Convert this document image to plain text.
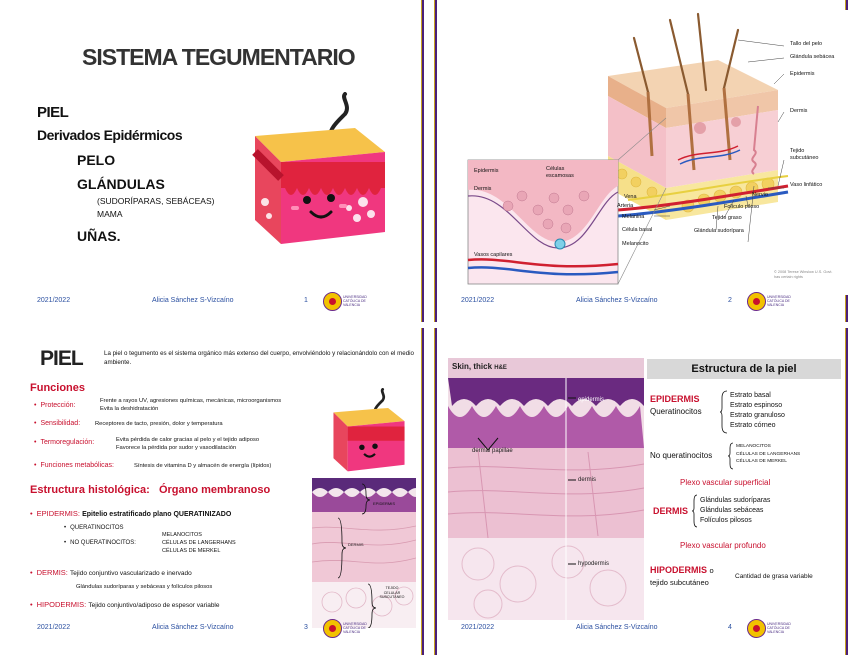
SISTEMA TEGUMENTARIO
PIEL
Derivados Epidérmicos
PELO
GLÁNDULAS
(SUDORÍPARAS, SEBÁCEAS)
MAMA
UÑAS.
2021/2022	Alicia Sánchez S-Vizcaíno	1	UNIVERSIDAD CATÓLICA DE VALENCIA
Tallo del pelo
Glándula sebácea
Epidermis
Dermis
Tejido subcutáneo
Vaso linfático
Nervio
Folículo piloso
Tejido graso
Glándula sudorípara
Vena
Arteria
Epidermis	Células escamosas
Dermis
Melanina
Célula basal
Melanocito
Vasos capilares
© 2008 Terese Winslow U.S. Govt. has certain rights
2021/2022	Alicia Sánchez S-Vizcaíno	2	UNIVERSIDAD CATÓLICA DE VALENCIA
PIEL	La piel o tegumento es el sistema orgánico más extenso del cuerpo, envolviéndolo y relacionándolo con el medio ambiente.
Funciones
• Protección:
Frente a rayos UV, agresiones químicas, mecánicas, microorganismos
Evita la deshidratación
• Sensibilidad:	Receptores de tacto, presión, dolor y temperatura
• Termoregulación:	Evita pérdida de calor gracias al pelo y el tejido adiposo
Favorece la pérdida por sudor y vasodilatación
• Funciones metabólicas:	Síntesis de vitamina D y almacén de energía (lípidos)
Estructura histológica: Órgano membranoso
• EPIDERMIS: Epitelio estratificado plano QUERATINIZADO
• QUERATINOCITOS
• NO QUERATINOCITOS:
MELANOCITOS
CÉLULAS DE LANGERHANS
CÉLULAS DE MERKEL
• DERMIS: Tejido conjuntivo vascularizado e inervado
Glándulas sudoríparas y sebáceas y folículos pilosos
• HIPODERMIS: Tejido conjuntivo/adiposo de espesor variable
EPIDERMIS
DERMIS
TEJIDO CELULAR SUBCUTÁNEO
2021/2022	Alicia Sánchez S-Vizcaíno	3	UNIVERSIDAD CATÓLICA DE VALENCIA
Skin, thick H&E
epidermis
dermal papillae
dermis
hypodermis
Estructura de la piel
EPIDERMIS
Queratinocitos
Estrato basal
Estrato espinoso
Estrato granuloso
Estrato córneo
No queratinocitos
MELANOCITOS
CÉLULAS DE LANGERHANS
CÉLULAS DE MERKEL
Plexo vascular superficial
DERMIS
Glándulas sudoríparas
Glándulas sebáceas
Folículos pilosos
Plexo vascular profundo
HIPODERMIS o
tejido subcutáneo
Cantidad de grasa variable
2021/2022	Alicia Sánchez S-Vizcaíno	4	UNIVERSIDAD CATÓLICA DE VALENCIA
